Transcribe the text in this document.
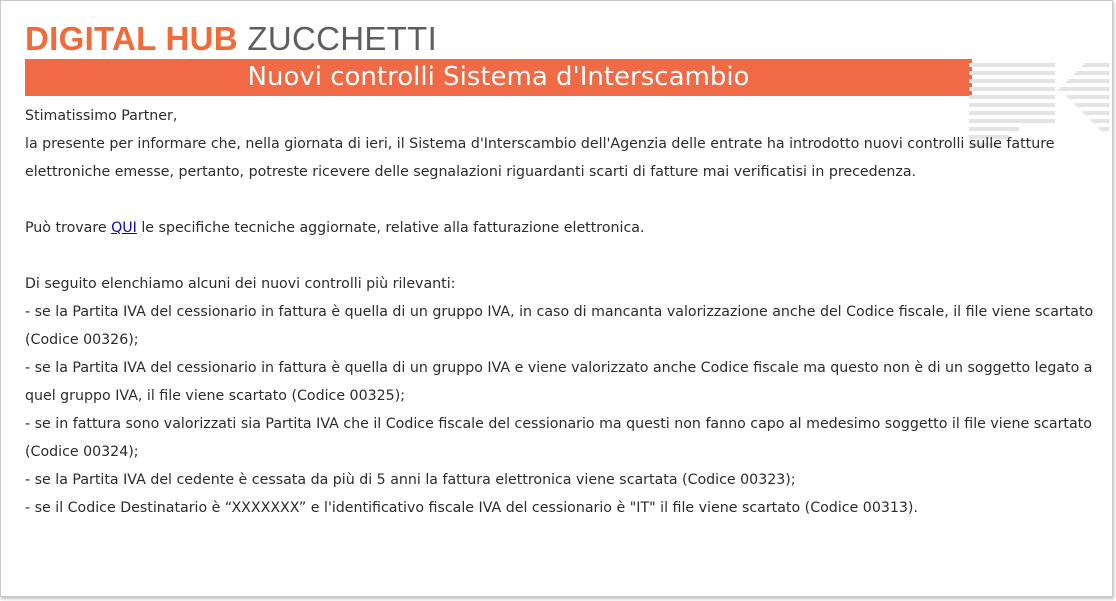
DIGITAL HUB ZUCCHETTI
Nuovi controlli Sistema d'Interscambio

Stimatissimo Partner,

la presente per informare che, nella giornata di ieri, il Sistema d'Interscambio dell'Agenzia delle entrate ha introdotto nuovi controlli sulle fatture elettroniche emesse, pertanto, potreste ricevere delle segnalazioni riguardanti scarti di fatture mai verificatisi in precedenza.

Può trovare QUI le specifiche tecniche aggiornate, relative alla fatturazione elettronica.

Di seguito elenchiamo alcuni dei nuovi controlli più rilevanti:

- se la Partita IVA del cessionario in fattura è quella di un gruppo IVA, in caso di mancanta valorizzazione anche del Codice fiscale, il file viene scartato (Codice 00326);

- se la Partita IVA del cessionario in fattura è quella di un gruppo IVA e viene valorizzato anche Codice fiscale ma questo non è di un soggetto legato a quel gruppo IVA, il file viene scartato (Codice 00325);

- se in fattura sono valorizzati sia Partita IVA che il Codice fiscale del cessionario ma questi non fanno capo al medesimo soggetto il file viene scartato (Codice 00324);

- se la Partita IVA del cedente è cessata da più di 5 anni la fattura elettronica viene scartata (Codice 00323);

- se il Codice Destinatario è “XXXXXXX” e l'identificativo fiscale IVA del cessionario è "IT" il file viene scartato (Codice 00313).
